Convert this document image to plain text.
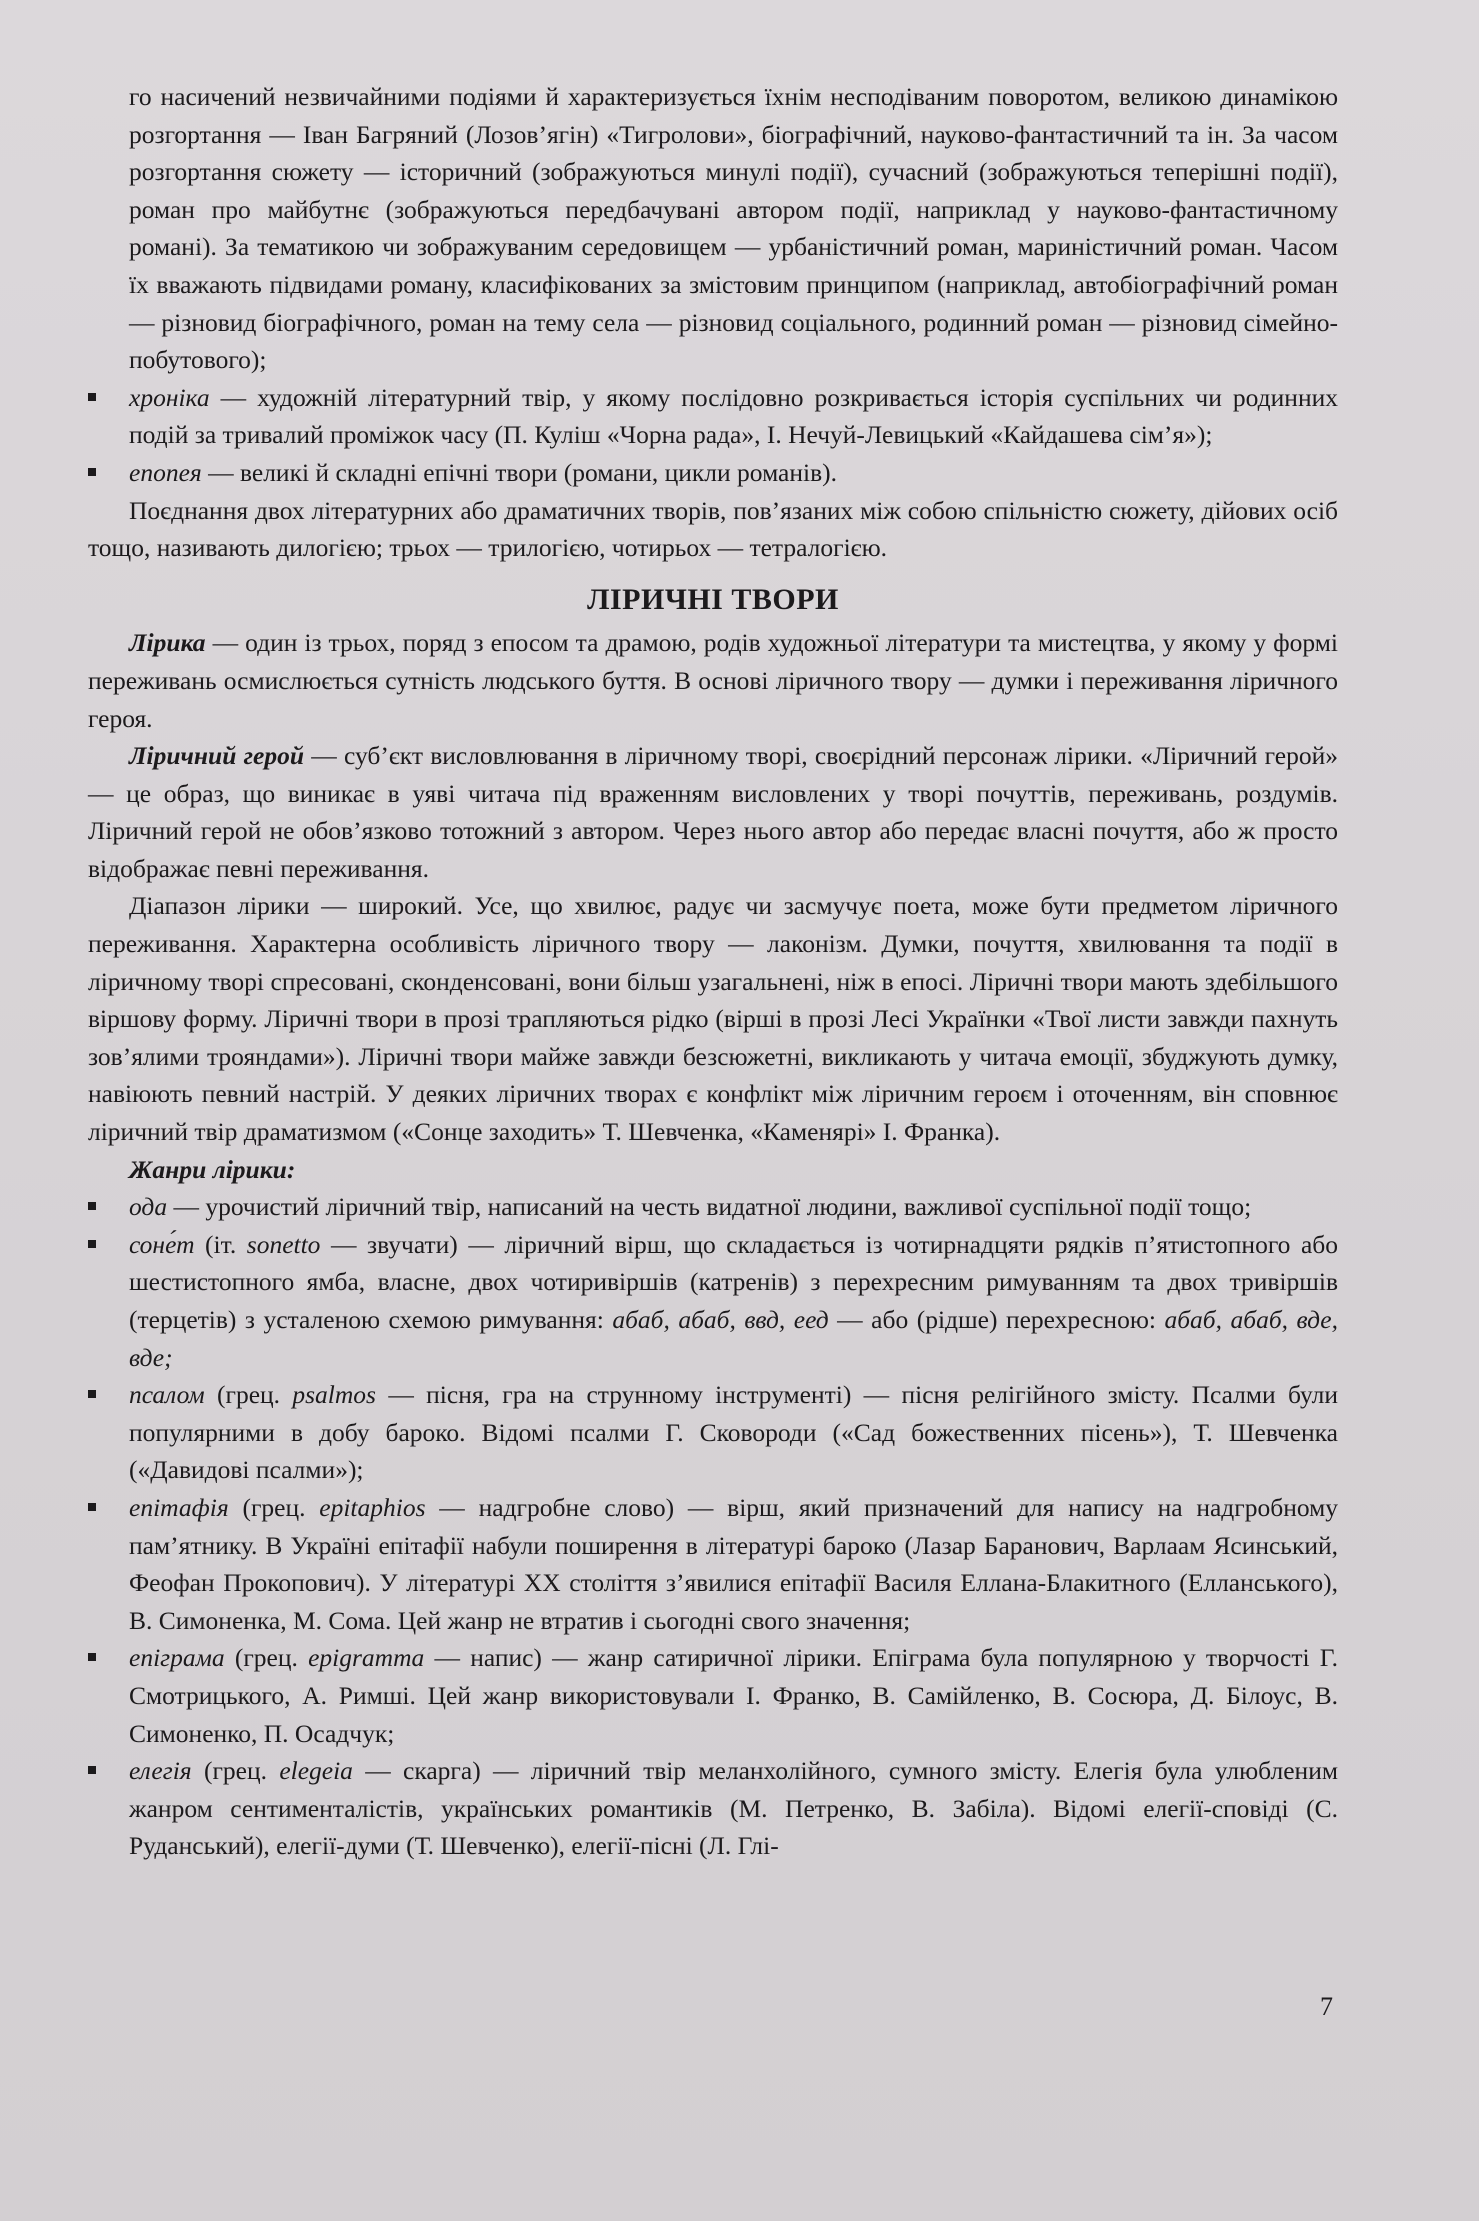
го насичений незвичайними подіями й характеризується їхнім несподіваним поворотом, великою динамікою розгортання — Іван Багряний (Лозов’ягін) «Тигролови», біографічний, науково-фантастичний та ін. За часом розгортання сюжету — історичний (зображуються минулі події), сучасний (зображуються теперішні події), роман про майбутнє (зображуються передбачувані автором події, наприклад у науково-фантастичному романі). За тематикою чи зображуваним середовищем — урбаністичний роман, мариністичний роман. Часом їх вважають підвидами роману, класифікованих за змістовим принципом (наприклад, автобіографічний роман — різновид біографічного, роман на тему села — різновид соціального, родинний роман — різновид сімейно-побутового);

хроніка — художній літературний твір, у якому послідовно розкривається історія суспільних чи родинних подій за тривалий проміжок часу (П. Куліш «Чорна рада», І. Нечуй-Левицький «Кайдашева сім’я»);
епопея — великі й складні епічні твори (романи, цикли романів).

Поєднання двох літературних або драматичних творів, пов’язаних між собою спільністю сюжету, дійових осіб тощо, називають дилогією; трьох — трилогією, чотирьох — тетралогією.

ЛІРИЧНІ ТВОРИ

Лірика — один із трьох, поряд з епосом та драмою, родів художньої літератури та мистецтва, у якому у формі переживань осмислюється сутність людського буття. В основі ліричного твору — думки і переживання ліричного героя.

Ліричний герой — суб’єкт висловлювання в ліричному творі, своєрідний персонаж лірики. «Ліричний герой» — це образ, що виникає в уяві читача під враженням висловлених у творі почуттів, переживань, роздумів. Ліричний герой не обов’язково тотожний з автором. Через нього автор або передає власні почуття, або ж просто відображає певні переживання.

Діапазон лірики — широкий. Усе, що хвилює, радує чи засмучує поета, може бути предметом ліричного переживання. Характерна особливість ліричного твору — лаконізм. Думки, почуття, хвилювання та події в ліричному творі спресовані, сконденсовані, вони більш узагальнені, ніж в епосі. Ліричні твори мають здебільшого віршову форму. Ліричні твори в прозі трапляються рідко (вірші в прозі Лесі Українки «Твої листи завжди пахнуть зов’ялими трояндами»). Ліричні твори майже завжди безсюжетні, викликають у читача емоції, збуджують думку, навіюють певний настрій. У деяких ліричних творах є конфлікт між ліричним героєм і оточенням, він сповнює ліричний твір драматизмом («Сонце заходить» Т. Шевченка, «Каменярі» І. Франка).

Жанри лірики:

ода — урочистий ліричний твір, написаний на честь видатної людини, важливої суспільної події тощо;
соне́т (іт. sonetto — звучати) — ліричний вірш, що складається із чотирнадцяти рядків п’ятистопного або шестистопного ямба, власне, двох чотиривіршів (катренів) з перехресним римуванням та двох тривіршів (терцетів) з усталеною схемою римування: абаб, абаб, ввд, еед — або (рідше) перехресною: абаб, абаб, вде, вде;
псалом (грец. psalmos — пісня, гра на струнному інструменті) — пісня релігійного змісту. Псалми були популярними в добу бароко. Відомі псалми Г. Сковороди («Сад божественних пісень»), Т. Шевченка («Давидові псалми»);
епітафія (грец. epitaphios — надгробне слово) — вірш, який призначений для напису на надгробному пам’ятнику. В Україні епітафії набули поширення в літературі бароко (Лазар Баранович, Варлаам Ясинський, Феофан Прокопович). У літературі XX століття з’явилися епітафії Василя Еллана-Блакитного (Елланського), В. Симоненка, М. Сома. Цей жанр не втратив і сьогодні свого значення;
епіграма (грец. epigramma — напис) — жанр сатиричної лірики. Епіграма була популярною у творчості Г. Смотрицького, А. Римші. Цей жанр використовували І. Франко, В. Самійленко, В. Сосюра, Д. Білоус, В. Симоненко, П. Осадчук;
елегія (грец. elegeia — скарга) — ліричний твір меланхолійного, сумного змісту. Елегія була улюбленим жанром сентименталістів, українських романтиків (М. Петренко, В. Забіла). Відомі елегії-сповіді (С. Руданський), елегії-думи (Т. Шевченко), елегії-пісні (Л. Глі-
7
